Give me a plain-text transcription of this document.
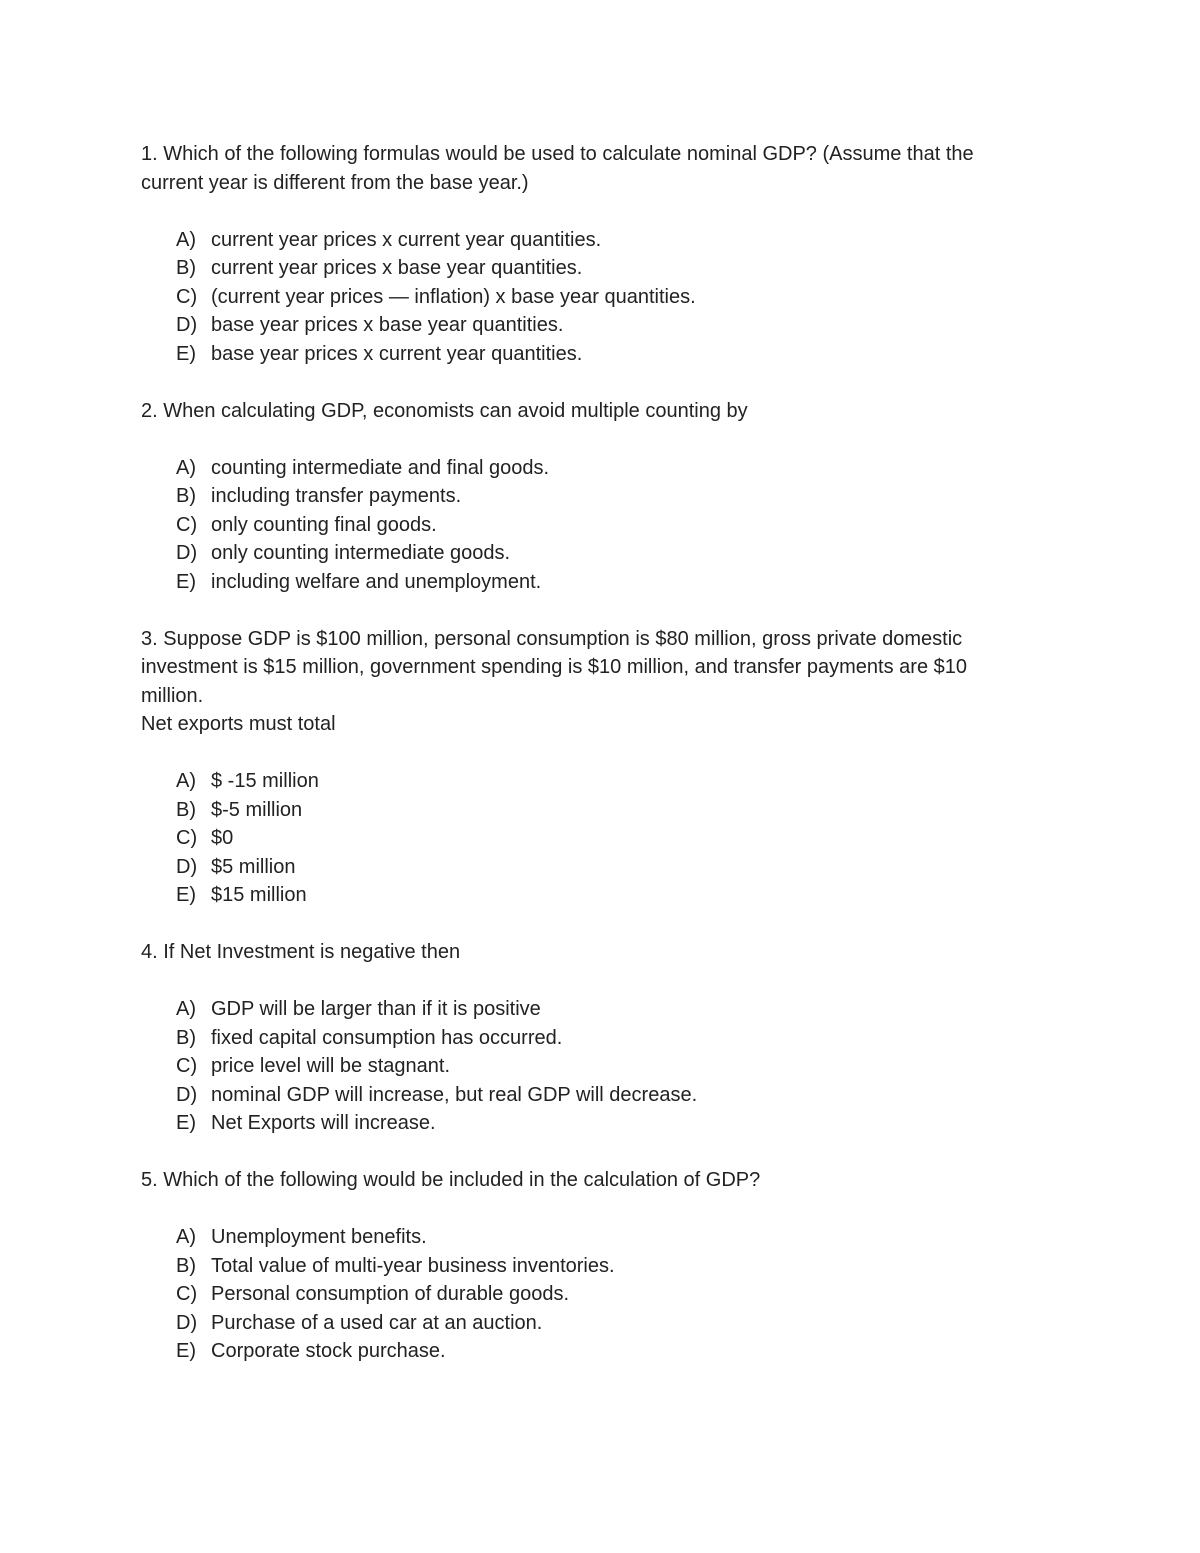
1. Which of the following formulas would be used to calculate nominal GDP? (Assume that the
current year is different from the base year.)
A) current year prices x current year quantities.
B) current year prices x base year quantities.
C) (current year prices — inflation) x base year quantities.
D) base year prices x base year quantities.
E) base year prices x current year quantities.
2. When calculating GDP, economists can avoid multiple counting by
A) counting intermediate and final goods.
B) including transfer payments.
C) only counting final goods.
D) only counting intermediate goods.
E) including welfare and unemployment.
3. Suppose GDP is $100 million, personal consumption is $80 million, gross private domestic
investment is $15 million, government spending is $10 million, and transfer payments are $10
million.
Net exports must total
A) $ -15 million
B) $-5 million
C) $0
D) $5 million
E) $15 million
4. If Net Investment is negative then
A) GDP will be larger than if it is positive
B) fixed capital consumption has occurred.
C) price level will be stagnant.
D) nominal GDP will increase, but real GDP will decrease.
E) Net Exports will increase.
5. Which of the following would be included in the calculation of GDP?
A) Unemployment benefits.
B) Total value of multi-year business inventories.
C) Personal consumption of durable goods.
D) Purchase of a used car at an auction.
E) Corporate stock purchase.
